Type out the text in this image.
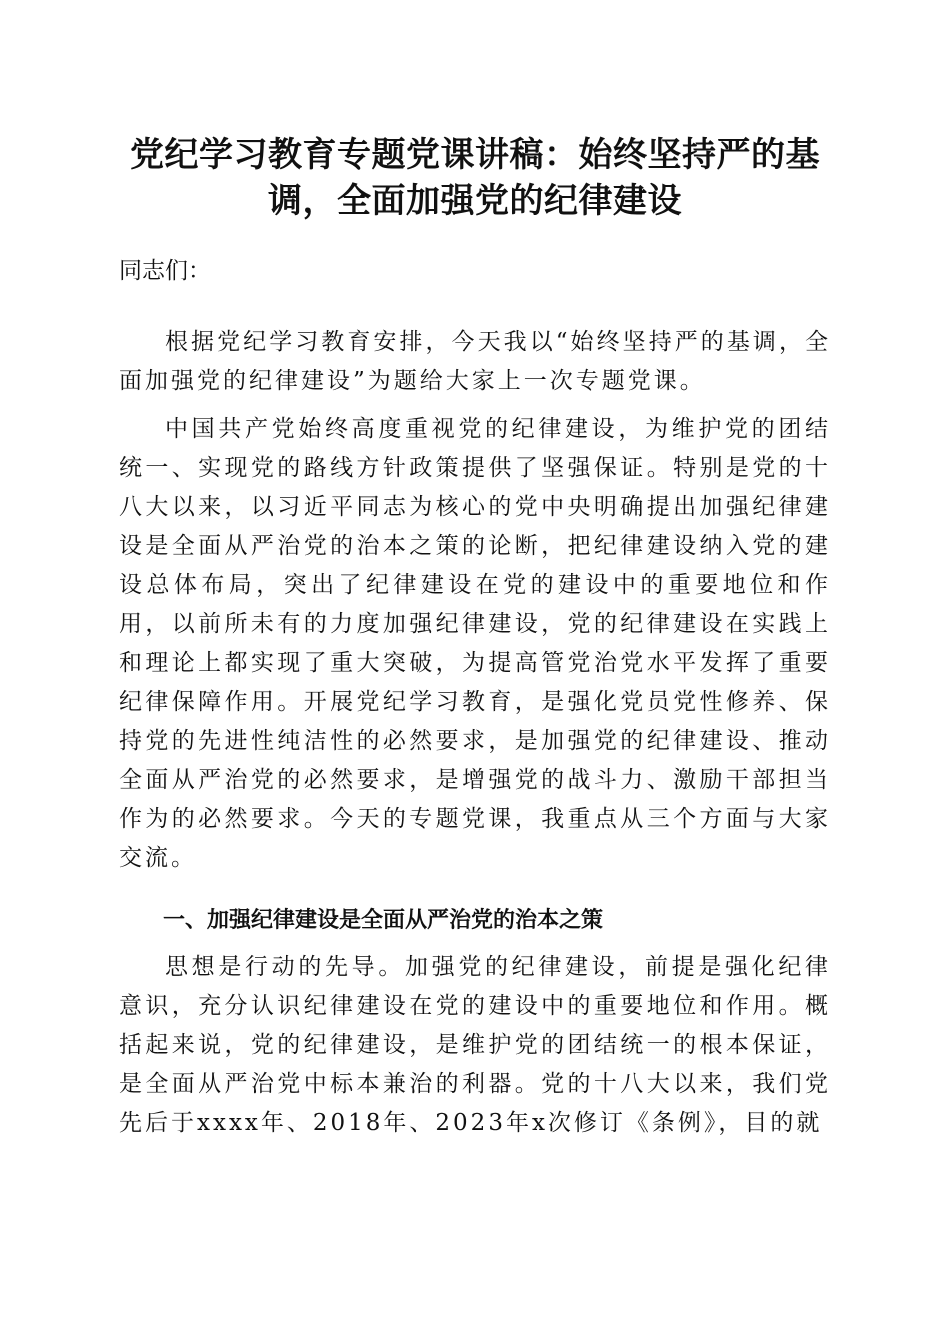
党纪学习教育专题党课讲稿：始终坚持严的基调，全面加强党的纪律建设

同志们：

根据党纪学习教育安排，今天我以“始终坚持严的基调，全面加强党的纪律建设”为题给大家上一次专题党课。

中国共产党始终高度重视党的纪律建设，为维护党的团结统一、实现党的路线方针政策提供了坚强保证。特别是党的十八大以来，以习近平同志为核心的党中央明确提出加强纪律建设是全面从严治党的治本之策的论断，把纪律建设纳入党的建设总体布局，突出了纪律建设在党的建设中的重要地位和作用，以前所未有的力度加强纪律建设，党的纪律建设在实践上和理论上都实现了重大突破，为提高管党治党水平发挥了重要纪律保障作用。开展党纪学习教育，是强化党员党性修养、保持党的先进性纯洁性的必然要求，是加强党的纪律建设、推动全面从严治党的必然要求，是增强党的战斗力、激励干部担当作为的必然要求。今天的专题党课，我重点从三个方面与大家交流。

一、加强纪律建设是全面从严治党的治本之策

思想是行动的先导。加强党的纪律建设，前提是强化纪律意识，充分认识纪律建设在党的建设中的重要地位和作用。概括起来说，党的纪律建设，是维护党的团结统一的根本保证，是全面从严治党中标本兼治的利器。党的十八大以来，我们党先后于xxxx年、2018年、2023年x次修订《条例》，目的就
